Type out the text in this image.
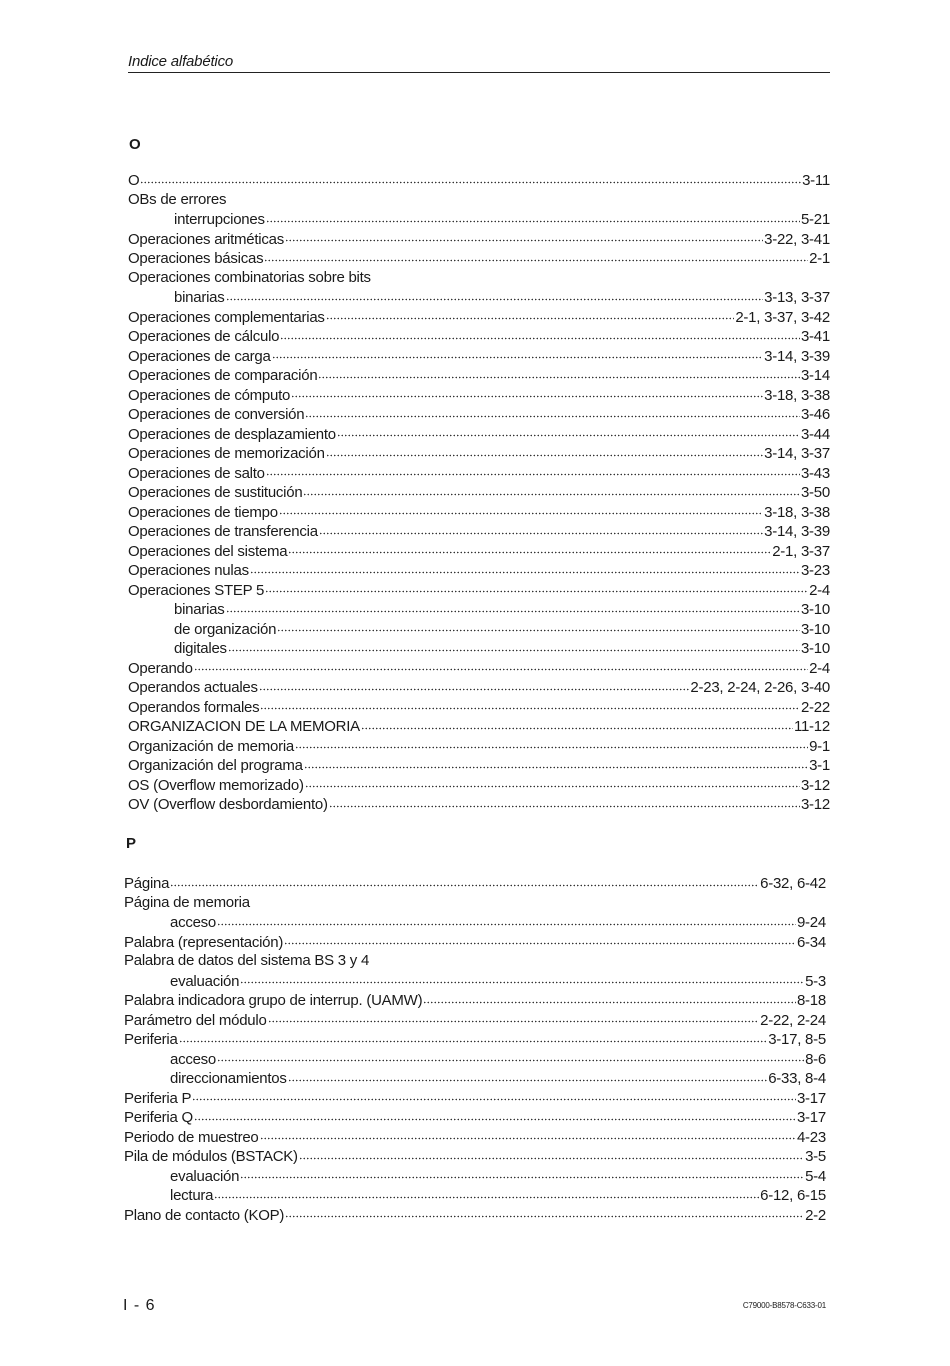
Indice alfabético
O
O	3-11
OBs de errores
interrupciones	5-21
Operaciones aritméticas	3-22, 3-41
Operaciones básicas	2-1
Operaciones combinatorias sobre bits
binarias	3-13, 3-37
Operaciones complementarias	2-1, 3-37, 3-42
Operaciones de cálculo	3-41
Operaciones de carga	3-14, 3-39
Operaciones de comparación	3-14
Operaciones de cómputo	3-18, 3-38
Operaciones de conversión	3-46
Operaciones de desplazamiento	3-44
Operaciones de memorización	3-14, 3-37
Operaciones de salto	3-43
Operaciones de sustitución	3-50
Operaciones de tiempo	3-18, 3-38
Operaciones de transferencia	3-14, 3-39
Operaciones del sistema	2-1, 3-37
Operaciones nulas	3-23
Operaciones STEP 5	2-4
binarias	3-10
de organización	3-10
digitales	3-10
Operando	2-4
Operandos actuales	2-23, 2-24, 2-26, 3-40
Operandos formales	2-22
ORGANIZACION DE LA MEMORIA	11-12
Organización de memoria	9-1
Organización del programa	3-1
OS (Overflow memorizado)	3-12
OV (Overflow desbordamiento)	3-12
P
Página	6-32, 6-42
Página de memoria
acceso	9-24
Palabra (representación)	6-34
Palabra de datos del sistema BS 3 y 4
evaluación	5-3
Palabra indicadora grupo de interrup. (UAMW)	8-18
Parámetro del módulo	2-22, 2-24
Periferia	3-17, 8-5
acceso	8-6
direccionamientos	6-33, 8-4
Periferia P	3-17
Periferia Q	3-17
Periodo de muestreo	4-23
Pila de módulos (BSTACK)	3-5
evaluación	5-4
lectura	6-12, 6-15
Plano de contacto (KOP)	2-2
I - 6	C79000-B8578-C633-01
